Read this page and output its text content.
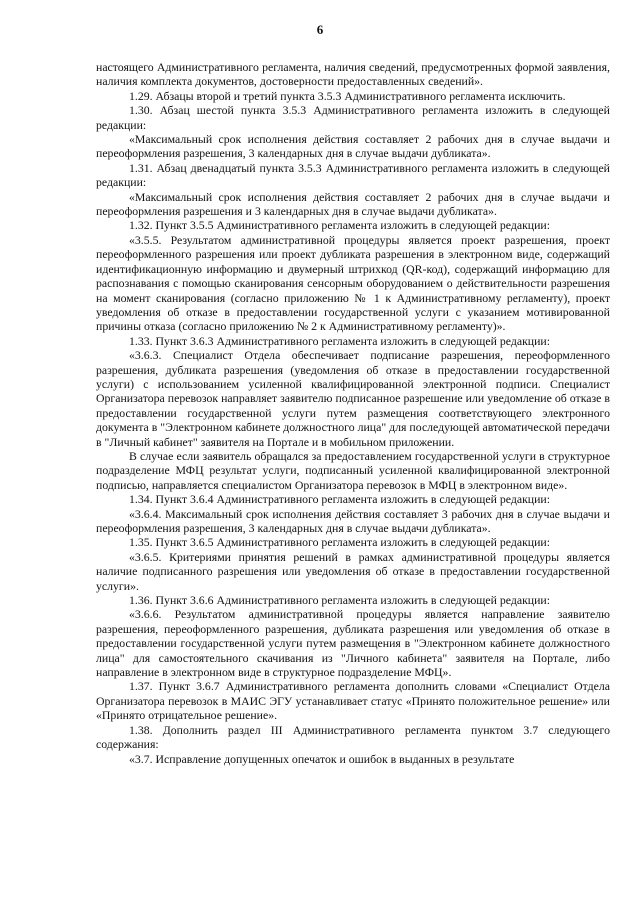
6

настоящего Административного регламента, наличия сведений, предусмотренных формой заявления, наличия комплекта документов, достоверности предоставленных сведений».

1.29. Абзацы второй и третий пункта 3.5.3 Административного регламента исключить.

1.30. Абзац шестой пункта 3.5.3 Административного регламента изложить в следующей редакции:

«Максимальный срок исполнения действия составляет 2 рабочих дня в случае выдачи и переоформления разрешения, 3 календарных дня в случае выдачи дубликата».

1.31. Абзац двенадцатый пункта 3.5.3 Административного регламента изложить в следующей редакции:

«Максимальный срок исполнения действия составляет 2 рабочих дня в случае выдачи и переоформления разрешения и 3 календарных дня в случае выдачи дубликата».

1.32. Пункт 3.5.5 Административного регламента изложить в следующей редакции:

«3.5.5. Результатом административной процедуры является проект разрешения, проект переоформленного разрешения или проект дубликата разрешения в электронном виде, содержащий идентификационную информацию и двумерный штрихкод (QR-код), содержащий информацию для распознавания с помощью сканирования сенсорным оборудованием о действительности разрешения на момент сканирования (согласно приложению № 1 к Административному регламенту), проект уведомления об отказе в предоставлении государственной услуги с указанием мотивированной причины отказа (согласно приложению № 2 к Административному регламенту)».

1.33. Пункт 3.6.3 Административного регламента изложить в следующей редакции:

«3.6.3. Специалист Отдела обеспечивает подписание разрешения, переоформленного разрешения, дубликата разрешения (уведомления об отказе в предоставлении государственной услуги) с использованием усиленной квалифицированной электронной подписи. Специалист Организатора перевозок направляет заявителю подписанное разрешение или уведомление об отказе в предоставлении государственной услуги путем размещения соответствующего электронного документа в "Электронном кабинете должностного лица" для последующей автоматической передачи в "Личный кабинет" заявителя на Портале и в мобильном приложении.

В случае если заявитель обращался за предоставлением государственной услуги в структурное подразделение МФЦ результат услуги, подписанный усиленной квалифицированной электронной подписью, направляется специалистом Организатора перевозок в МФЦ в электронном виде».

1.34. Пункт 3.6.4 Административного регламента изложить в следующей редакции:

«3.6.4. Максимальный срок исполнения действия составляет 3 рабочих дня в случае выдачи и переоформления разрешения, 3 календарных дня в случае выдачи дубликата».

1.35. Пункт 3.6.5 Административного регламента изложить в следующей редакции:

«3.6.5. Критериями принятия решений в рамках административной процедуры является наличие подписанного разрешения или уведомления об отказе в предоставлении государственной услуги».

1.36. Пункт 3.6.6 Административного регламента изложить в следующей редакции:

«3.6.6. Результатом административной процедуры является направление заявителю разрешения, переоформленного разрешения, дубликата разрешения или уведомления об отказе в предоставлении государственной услуги путем размещения в "Электронном кабинете должностного лица" для самостоятельного скачивания из "Личного кабинета" заявителя на Портале, либо направление в электронном виде в структурное подразделение МФЦ».

1.37. Пункт 3.6.7 Административного регламента дополнить словами «Специалист Отдела Организатора перевозок в МАИС ЭГУ устанавливает статус «Принято положительное решение» или «Принято отрицательное решение».

1.38. Дополнить раздел III Административного регламента пунктом 3.7 следующего содержания:

«3.7. Исправление допущенных опечаток и ошибок в выданных в результате
